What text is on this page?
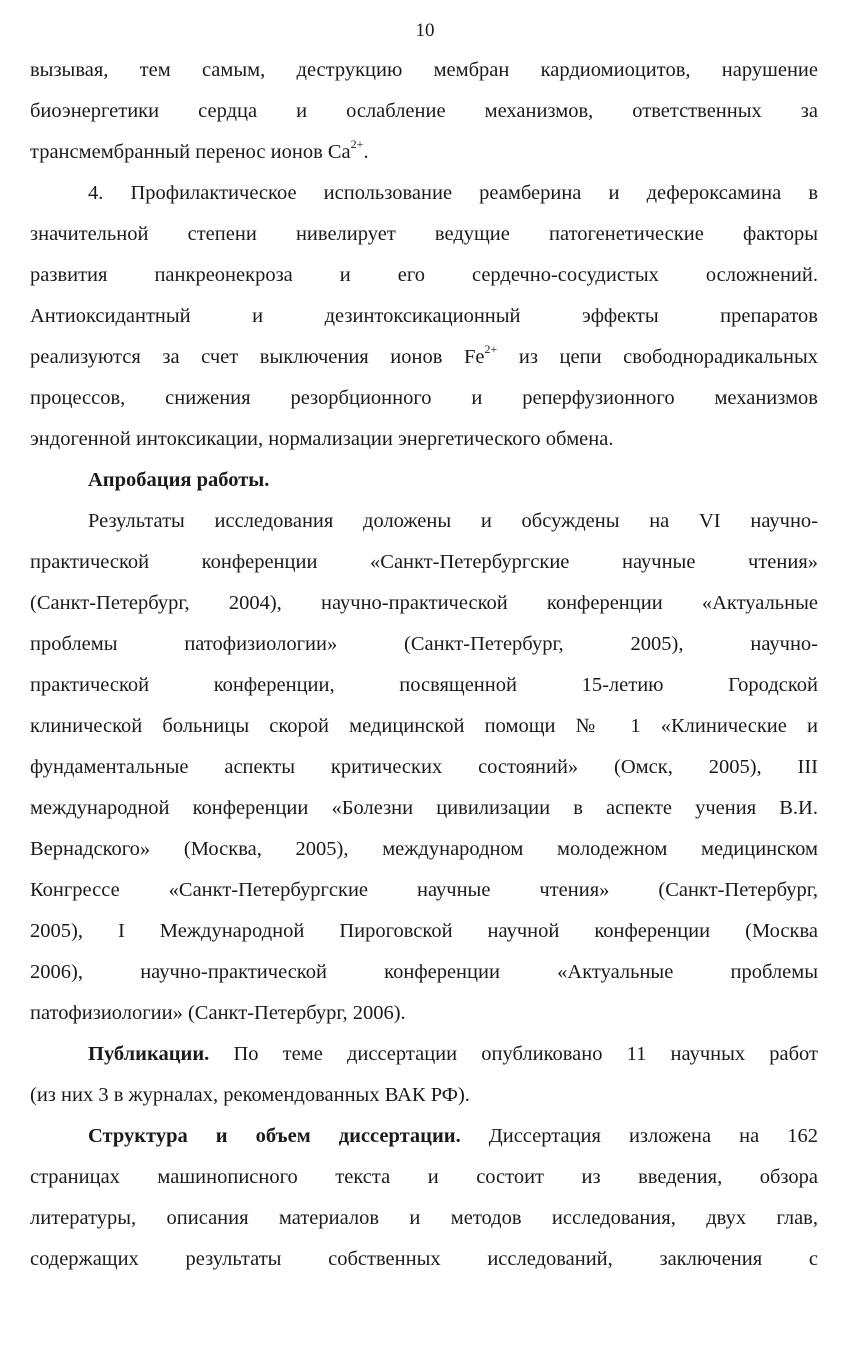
10
вызывая, тем самым, деструкцию мембран кардиомиоцитов, нарушение
биоэнергетики сердца и ослабление механизмов, ответственных за
трансмембранный перенос ионов $Ca^{2+}$.
4. Профилактическое использование реамберина и дефероксамина в
значительной степени нивелирует ведущие патогенетические факторы
развития панкреонекроза и его сердечно-сосудистых осложнений.
Антиоксидантный и дезинтоксикационный эффекты препаратов
реализуются за счет выключения ионов $Fe^{2+}$ из цепи свободнорадикальных
процессов, снижения резорбционного и реперфузионного механизмов
эндогенной интоксикации, нормализации энергетического обмена.
Апробация работы.
Результаты исследования доложены и обсуждены на VI научно-
практической конференции «Санкт-Петербургские научные чтения»
(Санкт-Петербург, 2004), научно-практической конференции «Актуальные
проблемы патофизиологии» (Санкт-Петербург, 2005), научно-
практической конференции, посвященной 15-летию Городской
клинической больницы скорой медицинской помощи № 1 «Клинические и
фундаментальные аспекты критических состояний» (Омск, 2005), III
международной конференции «Болезни цивилизации в аспекте учения В.И.
Вернадского» (Москва, 2005), международном молодежном медицинском
Конгрессе «Санкт-Петербургские научные чтения» (Санкт-Петербург,
2005), I Международной Пироговской научной конференции (Москва
2006), научно-практической конференции «Актуальные проблемы
патофизиологии» (Санкт-Петербург, 2006).
Публикации. По теме диссертации опубликовано 11 научных работ
(из них 3 в журналах, рекомендованных ВАК РФ).
Структура и объем диссертации. Диссертация изложена на 162
страницах машинописного текста и состоит из введения, обзора
литературы, описания материалов и методов исследования, двух глав,
содержащих результаты собственных исследований, заключения с
